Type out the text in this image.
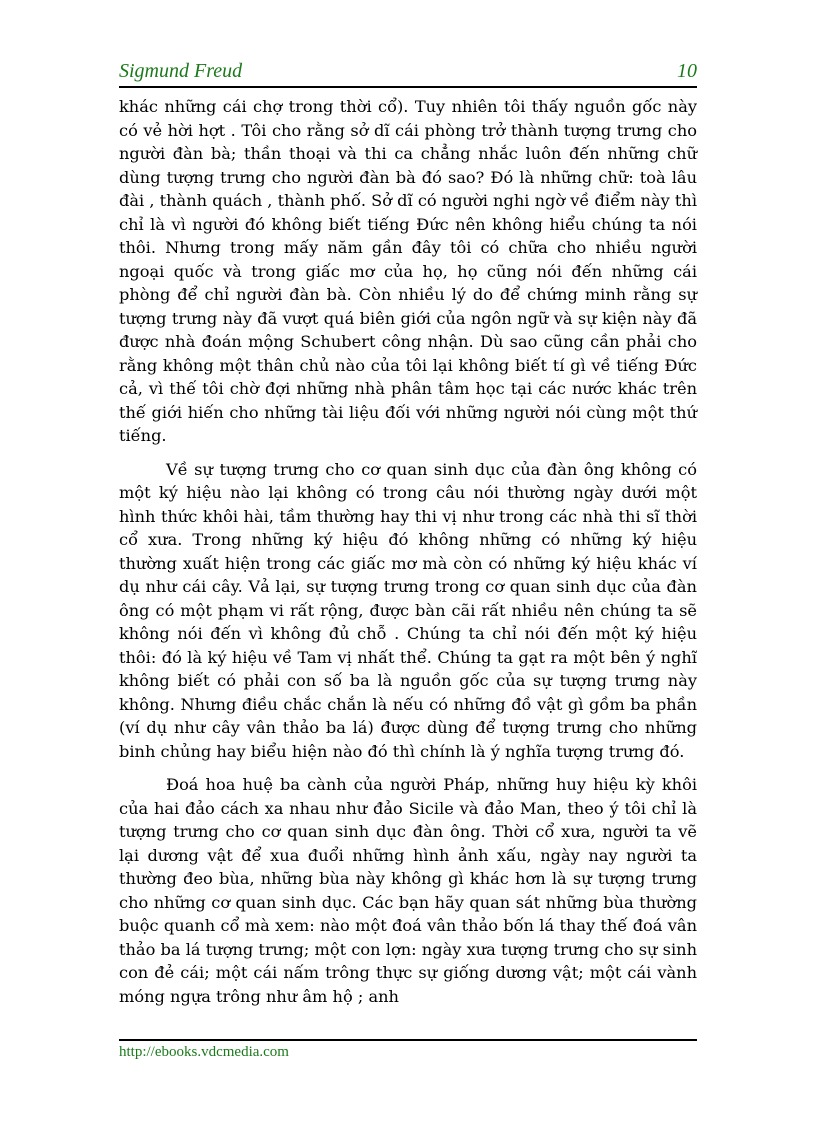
Sigmund Freud	10

khác những cái chợ trong thời cổ). Tuy nhiên tôi thấy nguồn gốc này có vẻ hời hợt . Tôi cho rằng sở dĩ cái phòng trở thành tượng trưng cho người đàn bà; thần thoại và thi ca chẳng nhắc luôn đến những chữ dùng tượng trưng cho người đàn bà đó sao? Đó là những chữ: toà lâu đài , thành quách , thành phố. Sở dĩ có người nghi ngờ về điểm này thì chỉ là vì người đó không biết tiếng Đức nên không hiểu chúng ta nói thôi. Nhưng trong mấy năm gần đây tôi có chữa cho nhiều người ngoại quốc và trong giấc mơ của họ, họ cũng nói đến những cái phòng để chỉ người đàn bà. Còn nhiều lý do để chứng minh rằng sự tượng trưng này đã vượt quá biên giới của ngôn ngữ và sự kiện này đã được nhà đoán mộng Schubert công nhận. Dù sao cũng cần phải cho rằng không một thân chủ nào của tôi lại không biết tí gì về tiếng Đức cả, vì thế tôi chờ đợi những nhà phân tâm học tại các nước khác trên thế giới hiến cho những tài liệu đối với những người nói cùng một thứ tiếng.

Về sự tượng trưng cho cơ quan sinh dục của đàn ông không có một ký hiệu nào lại không có trong câu nói thường ngày dưới một hình thức khôi hài, tầm thường hay thi vị như trong các nhà thi sĩ thời cổ xưa. Trong những ký hiệu đó không những có những ký hiệu thường xuất hiện trong các giấc mơ mà còn có những ký hiệu khác ví dụ như cái cây. Vả lại, sự tượng trưng trong cơ quan sinh dục của đàn ông có một phạm vi rất rộng, được bàn cãi rất nhiều nên chúng ta sẽ không nói đến vì không đủ chỗ . Chúng ta chỉ nói đến một ký hiệu thôi: đó là ký hiệu về Tam vị nhất thể. Chúng ta gạt ra một bên ý nghĩ không biết có phải con số ba là nguồn gốc của sự tượng trưng này không. Nhưng điều chắc chắn là nếu có những đồ vật gì gồm ba phần (ví dụ như cây vân thảo ba lá) được dùng để tượng trưng cho những binh chủng hay biểu hiện nào đó thì chính là ý nghĩa tượng trưng đó.

Đoá hoa huệ ba cành của người Pháp, những huy hiệu kỳ khôi của hai đảo cách xa nhau như đảo Sicile và đảo Man, theo ý tôi chỉ là tượng trưng cho cơ quan sinh dục đàn ông. Thời cổ xưa, người ta vẽ lại dương vật để xua đuổi những hình ảnh xấu, ngày nay người ta thường đeo bùa, những bùa này không gì khác hơn là sự tượng trưng cho những cơ quan sinh dục. Các bạn hãy quan sát những bùa thường buộc quanh cổ mà xem: nào một đoá vân thảo bốn lá thay thế đoá vân thảo ba lá tượng trưng; một con lợn: ngày xưa tượng trưng cho sự sinh con đẻ cái; một cái nấm trông thực sự giống dương vật; một cái vành móng ngựa trông như âm hộ ; anh

http://ebooks.vdcmedia.com
